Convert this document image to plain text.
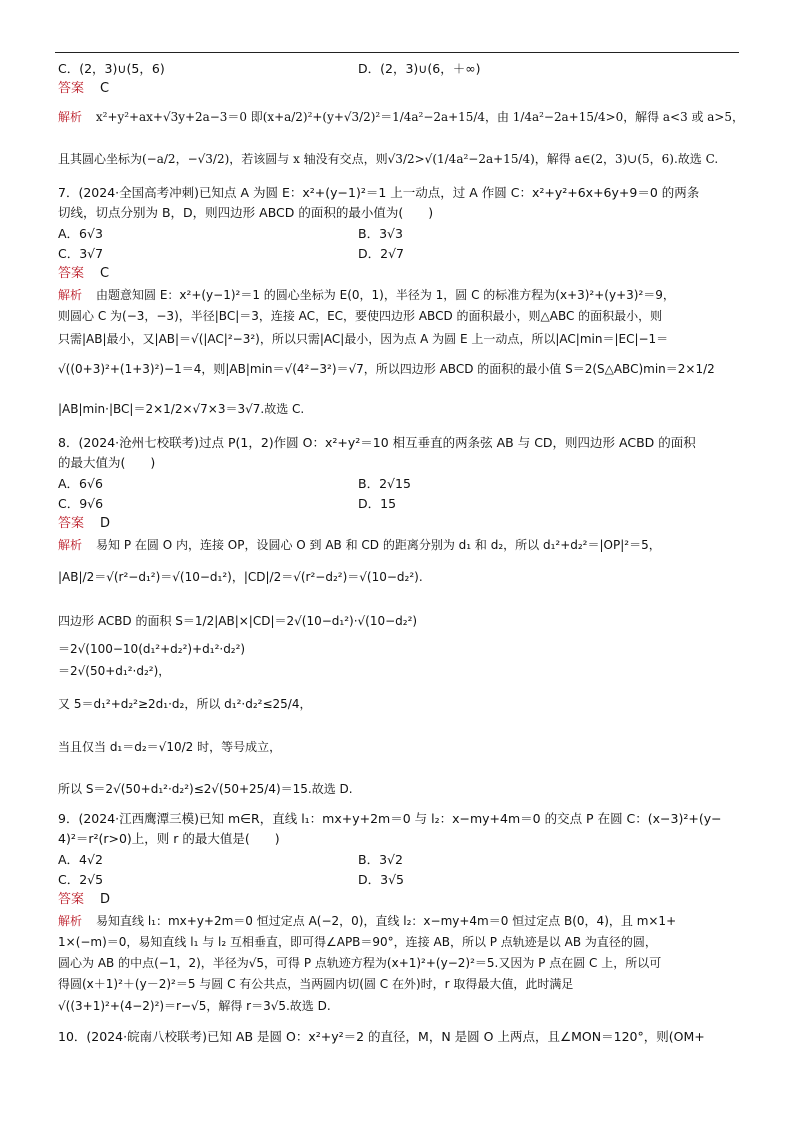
C．(2，3)∪(5，6)	D．(2，3)∪(6，＋∞)
答案 C
解析 x²+y²+ax+√3y+2a−3＝0 即(x+a/2)²+(y+√3/2)²＝1/4a²−2a+15/4，由 1/4a²−2a+15/4>0，解得 a<3 或 a>5，
且其圆心坐标为(−a/2，−√3/2)，若该圆与 x 轴没有交点，则√3/2>√(1/4a²−2a+15/4)，解得 a∈(2，3)∪(5，6).故选 C.
7．(2024·全国高考冲刺)已知点 A 为圆 E：x²+(y−1)²＝1 上一动点，过 A 作圆 C：x²+y²+6x+6y+9＝0 的两条
切线，切点分别为 B，D，则四边形 ABCD 的面积的最小值为(　　)
A．6√3	B．3√3
C．3√7	D．2√7
答案 C
解析 由题意知圆 E：x²+(y−1)²＝1 的圆心坐标为 E(0，1)，半径为 1，圆 C 的标准方程为(x+3)²+(y+3)²＝9，
则圆心 C 为(−3，−3)，半径|BC|＝3，连接 AC，EC，要使四边形 ABCD 的面积最小，则△ABC 的面积最小，则
只需|AB|最小，又|AB|＝√(|AC|²−3²)，所以只需|AC|最小，因为点 A 为圆 E 上一动点，所以|AC|min＝|EC|−1＝
√((0+3)²+(1+3)²)−1＝4，则|AB|min＝√(4²−3²)＝√7，所以四边形 ABCD 的面积的最小值 S＝2(S△ABC)min＝2×1/2
|AB|min·|BC|＝2×1/2×√7×3＝3√7.故选 C.
8．(2024·沧州七校联考)过点 P(1，2)作圆 O：x²+y²＝10 相互垂直的两条弦 AB 与 CD，则四边形 ACBD 的面积
的最大值为(　　)
A．6√6	B．2√15
C．9√6	D．15
答案 D
解析 易知 P 在圆 O 内，连接 OP，设圆心 O 到 AB 和 CD 的距离分别为 d₁ 和 d₂，所以 d₁²+d₂²＝|OP|²＝5，
|AB|/2＝√(r²−d₁²)＝√(10−d₁²)，|CD|/2＝√(r²−d₂²)＝√(10−d₂²).
四边形 ACBD 的面积 S＝1/2|AB|×|CD|＝2√(10−d₁²)·√(10−d₂²)
＝2√(100−10(d₁²+d₂²)+d₁²·d₂²)
＝2√(50+d₁²·d₂²)，
又 5＝d₁²+d₂²≥2d₁·d₂，所以 d₁²·d₂²≤25/4，
当且仅当 d₁＝d₂＝√10/2 时，等号成立，
所以 S＝2√(50+d₁²·d₂²)≤2√(50+25/4)＝15.故选 D.
9．(2024·江西鹰潭三模)已知 m∈R，直线 l₁：mx+y+2m＝0 与 l₂：x−my+4m＝0 的交点 P 在圆 C：(x−3)²+(y−
4)²＝r²(r>0)上，则 r 的最大值是(　　)
A．4√2	B．3√2
C．2√5	D．3√5
答案 D
解析 易知直线 l₁：mx+y+2m＝0 恒过定点 A(−2，0)，直线 l₂：x−my+4m＝0 恒过定点 B(0，4)，且 m×1+
1×(−m)＝0，易知直线 l₁ 与 l₂ 互相垂直，即可得∠APB＝90°，连接 AB，所以 P 点轨迹是以 AB 为直径的圆，
圆心为 AB 的中点(−1，2)，半径为√5，可得 P 点轨迹方程为(x+1)²+(y−2)²＝5.又因为 P 点在圆 C 上，所以可
得圆(x＋1)²＋(y－2)²＝5 与圆 C 有公共点，当两圆内切(圆 C 在外)时，r 取得最大值，此时满足
√((3+1)²+(4−2)²)＝r−√5，解得 r＝3√5.故选 D.
10．(2024·皖南八校联考)已知 AB 是圆 O：x²+y²＝2 的直径，M，N 是圆 O 上两点，且∠MON＝120°，则(OM+
